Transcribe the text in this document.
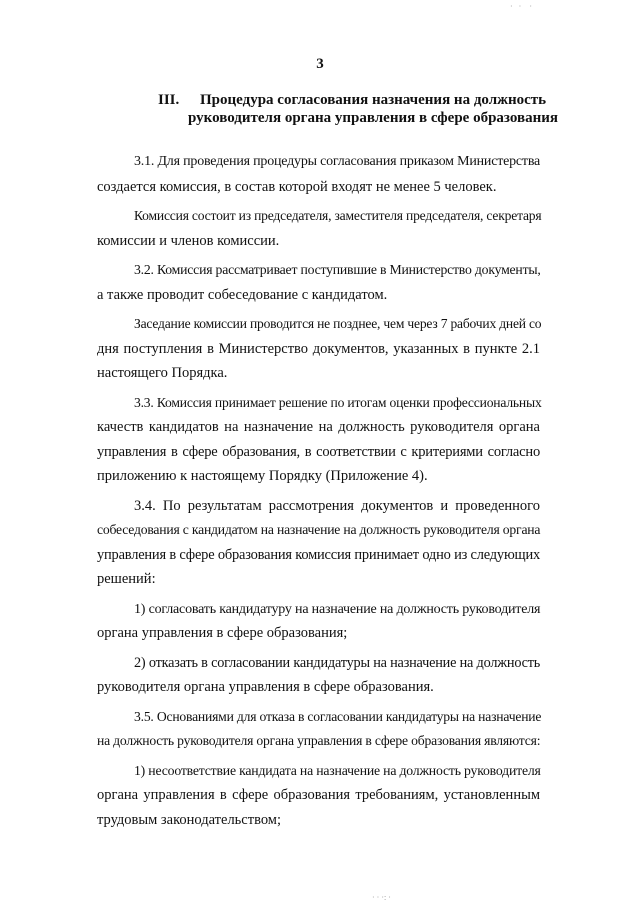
3
III. Процедура согласования назначения на должность
руководителя органа управления в сфере образования

3.1. Для проведения процедуры согласования приказом Министерства
создается комиссия, в состав которой входят не менее 5 человек.

Комиссия состоит из председателя, заместителя председателя, секретаря
комиссии и членов комиссии.

3.2. Комиссия рассматривает поступившие в Министерство документы,
а также проводит собеседование с кандидатом.

Заседание комиссии проводится не позднее, чем через 7 рабочих дней со
дня поступления в Министерство документов, указанных в пункте 2.1
настоящего Порядка.

3.3. Комиссия принимает решение по итогам оценки профессиональных
качеств кандидатов на назначение на должность руководителя органа
управления в сфере образования, в соответствии с критериями согласно
приложению к настоящему Порядку (Приложение 4).

3.4. По результатам рассмотрения документов и проведенного
собеседования с кандидатом на назначение на должность руководителя органа
управления в сфере образования комиссия принимает одно из следующих
решений:

1) согласовать кандидатуру на назначение на должность руководителя
органа управления в сфере образования;

2) отказать в согласовании кандидатуры на назначение на должность
руководителя органа управления в сфере образования.

3.5. Основаниями для отказа в согласовании кандидатуры на назначение
на должность руководителя органа управления в сфере образования являются:

1) несоответствие кандидата на назначение на должность руководителя
органа управления в сфере образования требованиям, установленным
трудовым законодательством;

·   ·    ·
· · ·: ·
